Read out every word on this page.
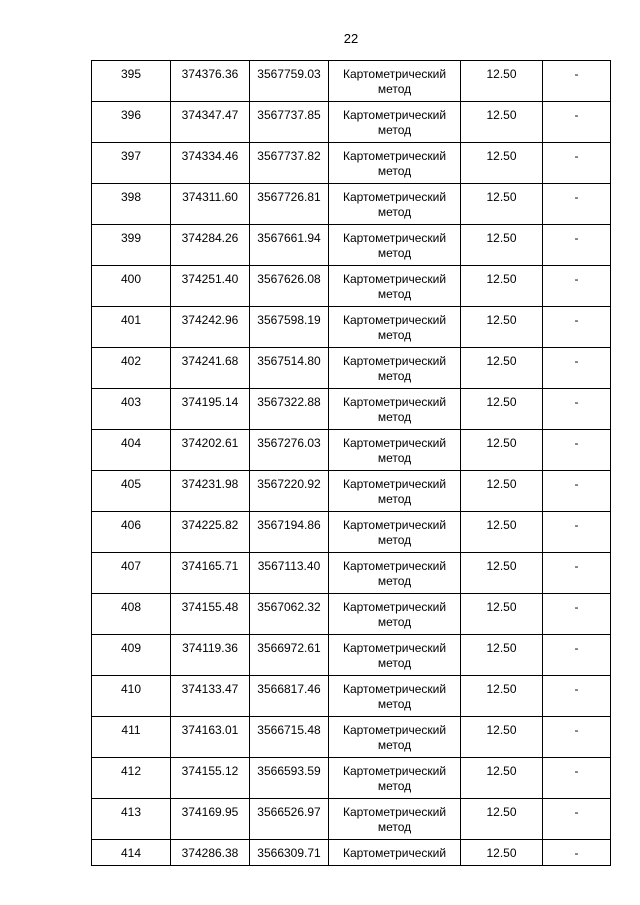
22
395	374376.36	3567759.03	Картометрический метод	12.50	-

396	374347.47	3567737.85	Картометрический метод	12.50	-

397	374334.46	3567737.82	Картометрический метод	12.50	-

398	374311.60	3567726.81	Картометрический метод	12.50	-

399	374284.26	3567661.94	Картометрический метод	12.50	-

400	374251.40	3567626.08	Картометрический метод	12.50	-

401	374242.96	3567598.19	Картометрический метод	12.50	-

402	374241.68	3567514.80	Картометрический метод	12.50	-

403	374195.14	3567322.88	Картометрический метод	12.50	-

404	374202.61	3567276.03	Картометрический метод	12.50	-

405	374231.98	3567220.92	Картометрический метод	12.50	-

406	374225.82	3567194.86	Картометрический метод	12.50	-

407	374165.71	3567113.40	Картометрический метод	12.50	-

408	374155.48	3567062.32	Картометрический метод	12.50	-

409	374119.36	3566972.61	Картометрический метод	12.50	-

410	374133.47	3566817.46	Картометрический метод	12.50	-

411	374163.01	3566715.48	Картометрический метод	12.50	-

412	374155.12	3566593.59	Картометрический метод	12.50	-

413	374169.95	3566526.97	Картометрический метод	12.50	-

414	374286.38	3566309.71	Картометрический	12.50	-
